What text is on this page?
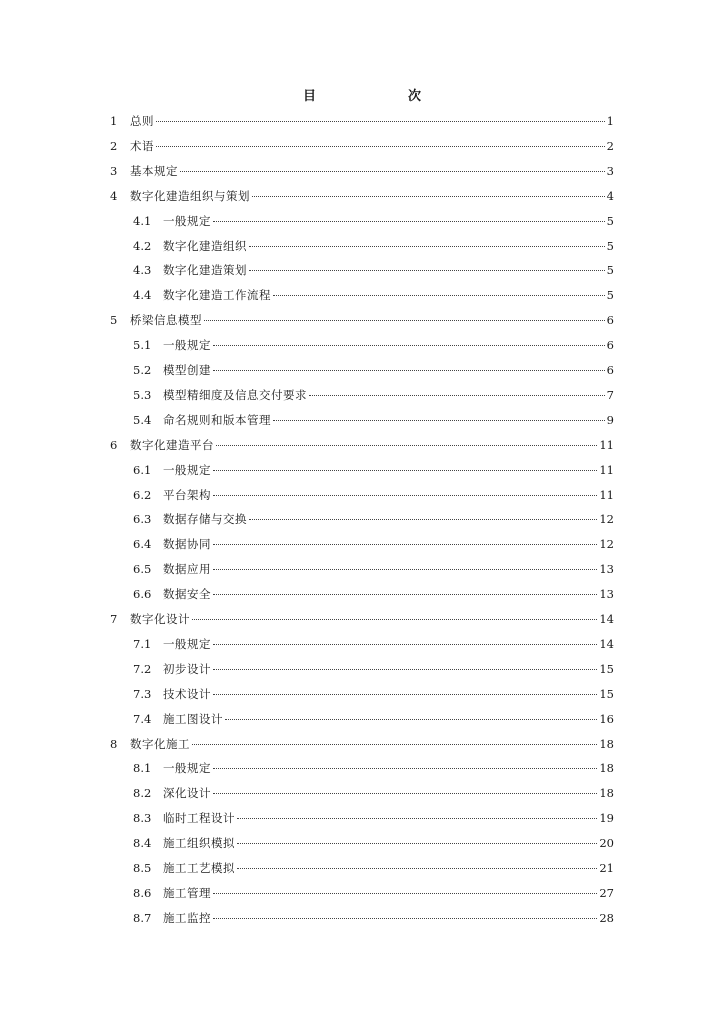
目　　次
1	总则	1
2	术语	2
3	基本规定	3
4	数字化建造组织与策划	4
4.1	一般规定	5
4.2	数字化建造组织	5
4.3	数字化建造策划	5
4.4	数字化建造工作流程	5
5	桥梁信息模型	6
5.1	一般规定	6
5.2	模型创建	6
5.3	模型精细度及信息交付要求	7
5.4	命名规则和版本管理	9
6	数字化建造平台	11
6.1	一般规定	11
6.2	平台架构	11
6.3	数据存储与交换	12
6.4	数据协同	12
6.5	数据应用	13
6.6	数据安全	13
7	数字化设计	14
7.1	一般规定	14
7.2	初步设计	15
7.3	技术设计	15
7.4	施工图设计	16
8	数字化施工	18
8.1	一般规定	18
8.2	深化设计	18
8.3	临时工程设计	19
8.4	施工组织模拟	20
8.5	施工工艺模拟	21
8.6	施工管理	27
8.7	施工监控	28
